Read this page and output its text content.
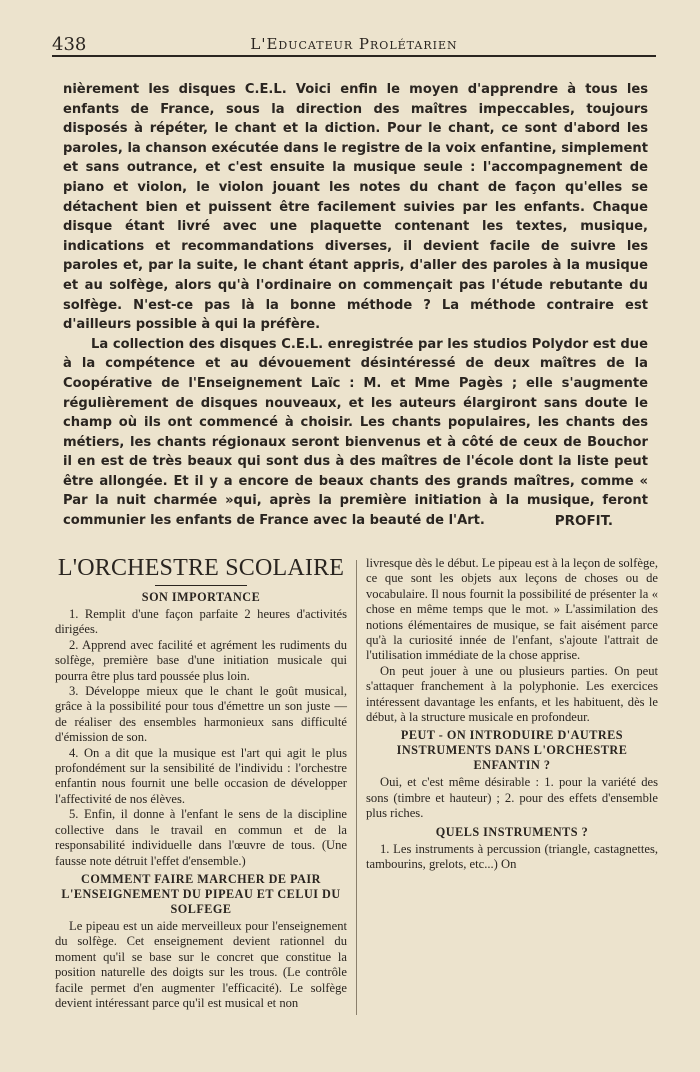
438	L'Educateur Prolétarien

nièrement les disques C.E.L. Voici enfin le moyen d'apprendre à tous les enfants de France, sous la direction des maîtres impeccables, toujours disposés à répéter, le chant et la diction. Pour le chant, ce sont d'abord les paroles, la chanson exécutée dans le registre de la voix enfantine, simplement et sans outrance, et c'est ensuite la musique seule : l'accompagnement de piano et violon, le violon jouant les notes du chant de façon qu'elles se détachent bien et puissent être facilement suivies par les enfants. Chaque disque étant livré avec une plaquette contenant les textes, musique, indications et recommandations diverses, il devient facile de suivre les paroles et, par la suite, le chant étant appris, d'aller des paroles à la musique et au solfège, alors qu'à l'ordinaire on commençait pas l'étude rebutante du solfège. N'est-ce pas là la bonne méthode ? La méthode contraire est d'ailleurs possible à qui la préfère.

La collection des disques C.E.L. enregistrée par les studios Polydor est due à la compétence et au dévouement désintéressé de deux maîtres de la Coopérative de l'Enseignement Laïc : M. et Mme Pagès ; elle s'augmente régulièrement de disques nouveaux, et les auteurs élargiront sans doute le champ où ils ont commencé à choisir. Les chants populaires, les chants des métiers, les chants régionaux seront bienvenus et à côté de ceux de Bouchor il en est de très beaux qui sont dus à des maîtres de l'école dont la liste peut être allongée. Et il y a encore de beaux chants des grands maîtres, comme « Par la nuit charmée »qui, après la première initiation à la musique, feront communier les enfants de France avec la beauté de l'Art.	PROFIT.
L'ORCHESTRE SCOLAIRE
SON IMPORTANCE

1. Remplit d'une façon parfaite 2 heures d'activités dirigées.

2. Apprend avec facilité et agrément les rudiments du solfège, première base d'une initiation musicale qui pourra être plus tard poussée plus loin.

3. Développe mieux que le chant le goût musical, grâce à la possibilité pour tous d'émettre un son juste — de réaliser des ensembles harmonieux sans difficulté d'émission de son.

4. On a dit que la musique est l'art qui agit le plus profondément sur la sensibilité de l'individu : l'orchestre enfantin nous fournit une belle occasion de développer l'affectivité de nos élèves.

5. Enfin, il donne à l'enfant le sens de la discipline collective dans le travail en commun et de la responsabilité individuelle dans l'œuvre de tous. (Une fausse note détruit l'effet d'ensemble.)

COMMENT FAIRE MARCHER DE PAIR L'ENSEIGNEMENT DU PIPEAU ET CELUI DU SOLFEGE

Le pipeau est un aide merveilleux pour l'enseignement du solfège. Cet enseignement devient rationnel du moment qu'il se base sur le concret que constitue la position naturelle des doigts sur les trous. (Le contrôle facile permet d'en augmenter l'efficacité). Le solfège devient intéressant parce qu'il est musical et non

livresque dès le début. Le pipeau est à la leçon de solfège, ce que sont les objets aux leçons de choses ou de vocabulaire. Il nous fournit la possibilité de présenter la « chose en même temps que le mot. » L'assimilation des notions élémentaires de musique, se fait aisément parce qu'à la curiosité innée de l'enfant, s'ajoute l'attrait de l'utilisation immédiate de la chose apprise.

On peut jouer à une ou plusieurs parties. On peut s'attaquer franchement à la polyphonie. Les exercices intéressent davantage les enfants, et les habituent, dès le début, à la structure musicale en profondeur.

PEUT - ON INTRODUIRE D'AUTRES INSTRUMENTS DANS L'ORCHESTRE ENFANTIN ?

Oui, et c'est même désirable : 1. pour la variété des sons (timbre et hauteur) ; 2. pour des effets d'ensemble plus riches.

QUELS INSTRUMENTS ?

1. Les instruments à percussion (triangle, castagnettes, tambourins, grelots, etc...) On
